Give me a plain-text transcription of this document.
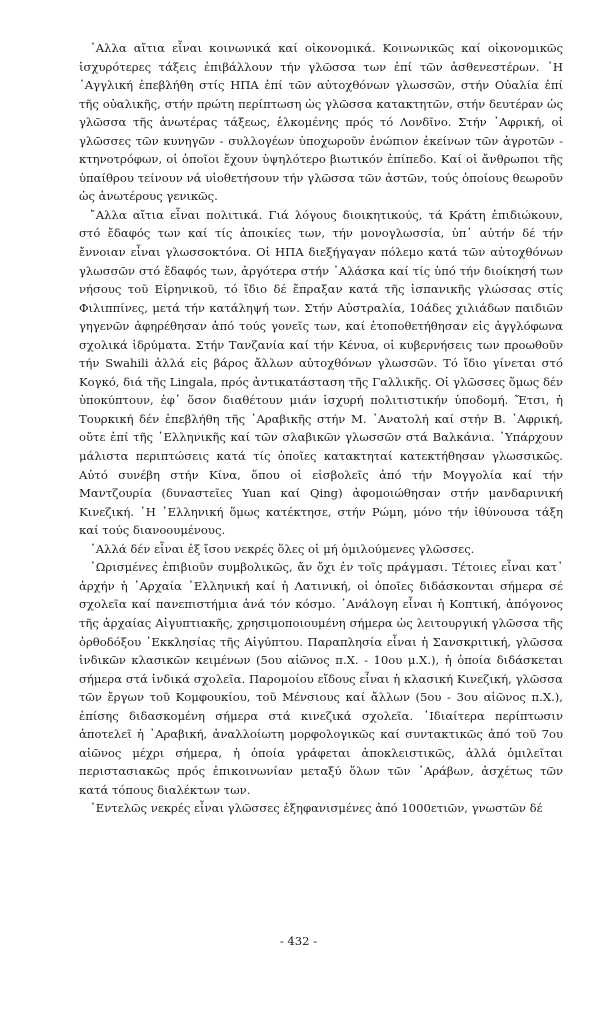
᾿Αλλα αἴτια εἶναι κοινωνικά καί οἰκονομικά. Κοινωνικῶς καί οἰκονομικῶς ἰσχυρότερες τάξεις ἐπιβάλλουν τήν γλῶσσα των ἐπί τῶν ἀσθενεστέρων. ῾Η ᾿Αγγλική ἐπεβλήθη στίς ΗΠΑ ἐπί τῶν αὐτοχθόνων γλωσσῶν, στήν Οὐαλία ἐπί τῆς οὐαλικῆς, στήν πρώτη περίπτωση ὡς γλῶσσα κατακτητῶν, στήν δευτέραν ὡς γλῶσσα τῆς ἀνωτέρας τάξεως, ἑλκομένης πρός τό Λονδῖνο. Στήν ᾿Αφρική, οἱ γλῶσσες τῶν κυνηγῶν - συλλογέων ὑποχωροῦν ἐνώπιον ἐκείνων τῶν ἀγροτῶν - κτηνοτρόφων, οἱ ὁποῖοι ἔχουν ὑψηλότερο βιωτικόν ἐπίπεδο. Καί οἱ ἄνθρωποι τῆς ὑπαίθρου τείνουν νά υἱοθετήσουν τήν γλῶσσα τῶν ἀστῶν, τούς ὁποίους θεωροῦν ὡς ἀνωτέρους γενικῶς.

῎Αλλα αἴτια εἶναι πολιτικά. Γιά λόγους διοικητικούς, τά Κράτη ἐπιδιώκουν, στό ἔδαφός των καί τίς ἀποικίες των, τήν μονογλωσσία, ὑπ᾿ αὐτήν δέ τήν ἔννοιαν εἶναι γλωσσοκτόνα. Οἱ ΗΠΑ διεξήγαγαν πόλεμο κατά τῶν αὐτοχθόνων γλωσσῶν στό ἔδαφός των, ἀργότερα στήν ᾿Αλάσκα καί τίς ὑπό τήν διοίκησή των νήσους τοῦ Εἰρηνικοῦ, τό ἴδιο δέ ἔπραξαν κατά τῆς ἱσπανικῆς γλώσσας στίς Φιλιππίνες, μετά τήν κατάληψή των. Στήν Αὐστραλία, 10άδες χιλιάδων παιδιῶν γηγενῶν ἀφηρέθησαν ἀπό τούς γονεῖς των, καί ἐτοποθετήθησαν εἰς ἀγγλόφωνα σχολικά ἱδρύματα. Στήν Τανζανία καί τήν Κένυα, οἱ κυβερνήσεις των προωθοῦν τήν Swahili ἀλλά εἰς βάρος ἄλλων αὐτοχθόνων γλωσσῶν. Τό ἴδιο γίνεται στό Κογκό, διά τῆς Lingala, πρός ἀντικατάσταση τῆς Γαλλικῆς. Οἱ γλῶσσες ὅμως δέν ὑποκύπτουν, ἐφ᾿ ὅσον διαθέτουν μιάν ἰσχυρή πολιτιστικήν ὑποδομή. Ἔτσι, ἡ Τουρκική δέν ἐπεβλήθη τῆς ᾿Αραβικῆς στήν Μ. ᾿Ανατολή καί στήν Β. ᾿Αφρική, οὔτε ἐπί τῆς ῾Ελληνικῆς καί τῶν σλαβικῶν γλωσσῶν στά Βαλκάνια. ῾Υπάρχουν μάλιστα περιπτώσεις κατά τίς ὁποῖες κατακτηταί κατεκτήθησαν γλωσσικῶς. Αὐτό συνέβη στήν Κίνα, ὅπου οἱ εἰσβολεῖς ἀπό τήν Μογγολία καί τήν Μαντζουρία (δυναστεῖες Yuan καί Qing) ἀφομοιώθησαν στήν μανδαρινική Κινεζική. ῾Η ῾Ελληνική ὅμως κατέκτησε, στήν Ρώμη, μόνο τήν ἰθύνουσα τάξη καί τούς διανοουμένους.

᾿Αλλά δέν εἶναι ἐξ ἴσου νεκρές ὅλες οἱ μή ὁμιλούμενες γλῶσσες.

῾Ωρισμένες ἐπιβιοῦν συμβολικῶς, ἄν ὄχι ἐν τοῖς πράγμασι. Τέτοιες εἶναι κατ᾿ ἀρχήν ἡ ᾿Αρχαία ῾Ελληνική καί ἡ Λατινική, οἱ ὁποῖες διδάσκονται σήμερα σέ σχολεῖα καί πανεπιστήμια ἀνά τόν κόσμο. ᾿Ανάλογη εἶναι ἡ Κοπτική, ἀπόγονος τῆς ἀρχαίας Αἰγυπτιακῆς, χρησιμοποιουμένη σήμερα ὡς λειτουργική γλῶσσα τῆς ὀρθοδόξου ᾿Εκκλησίας τῆς Αἰγύπτου. Παραπλησία εἶναι ἡ Σανσκριτική, γλῶσσα ἰνδικῶν κλασικῶν κειμένων (5ου αἰῶνος π.Χ. - 10ου μ.Χ.), ἡ ὁποία διδάσκεται σήμερα στά ἰνδικά σχολεῖα. Παρομοίου εἴδους εἶναι ἡ κλασική Κινεζική, γλῶσσα τῶν ἔργων τοῦ Κομφουκίου, τοῦ Μένσιους καί ἄλλων (5ου - 3ου αἰῶνος π.Χ.), ἐπίσης διδασκομένη σήμερα στά κινεζικά σχολεῖα. ᾿Ιδιαίτερα περίπτωσιν ἀποτελεῖ ἡ ᾿Αραβική, ἀναλλοίωτη μορφολογικῶς καί συντακτικῶς ἀπό τοῦ 7ου αἰῶνος μέχρι σήμερα, ἡ ὁποία γράφεται ἀποκλειστικῶς, ἀλλά ὁμιλεῖται περιστασιακῶς πρός ἐπικοινωνίαν μεταξύ ὅλων τῶν ᾿Αράβων, ἀσχέτως τῶν κατά τόπους διαλέκτων των.

᾿Εντελῶς νεκρές εἶναι γλῶσσες ἐξηφανισμένες ἀπό 1000ετιῶν, γνωστῶν δέ

- 432 -
